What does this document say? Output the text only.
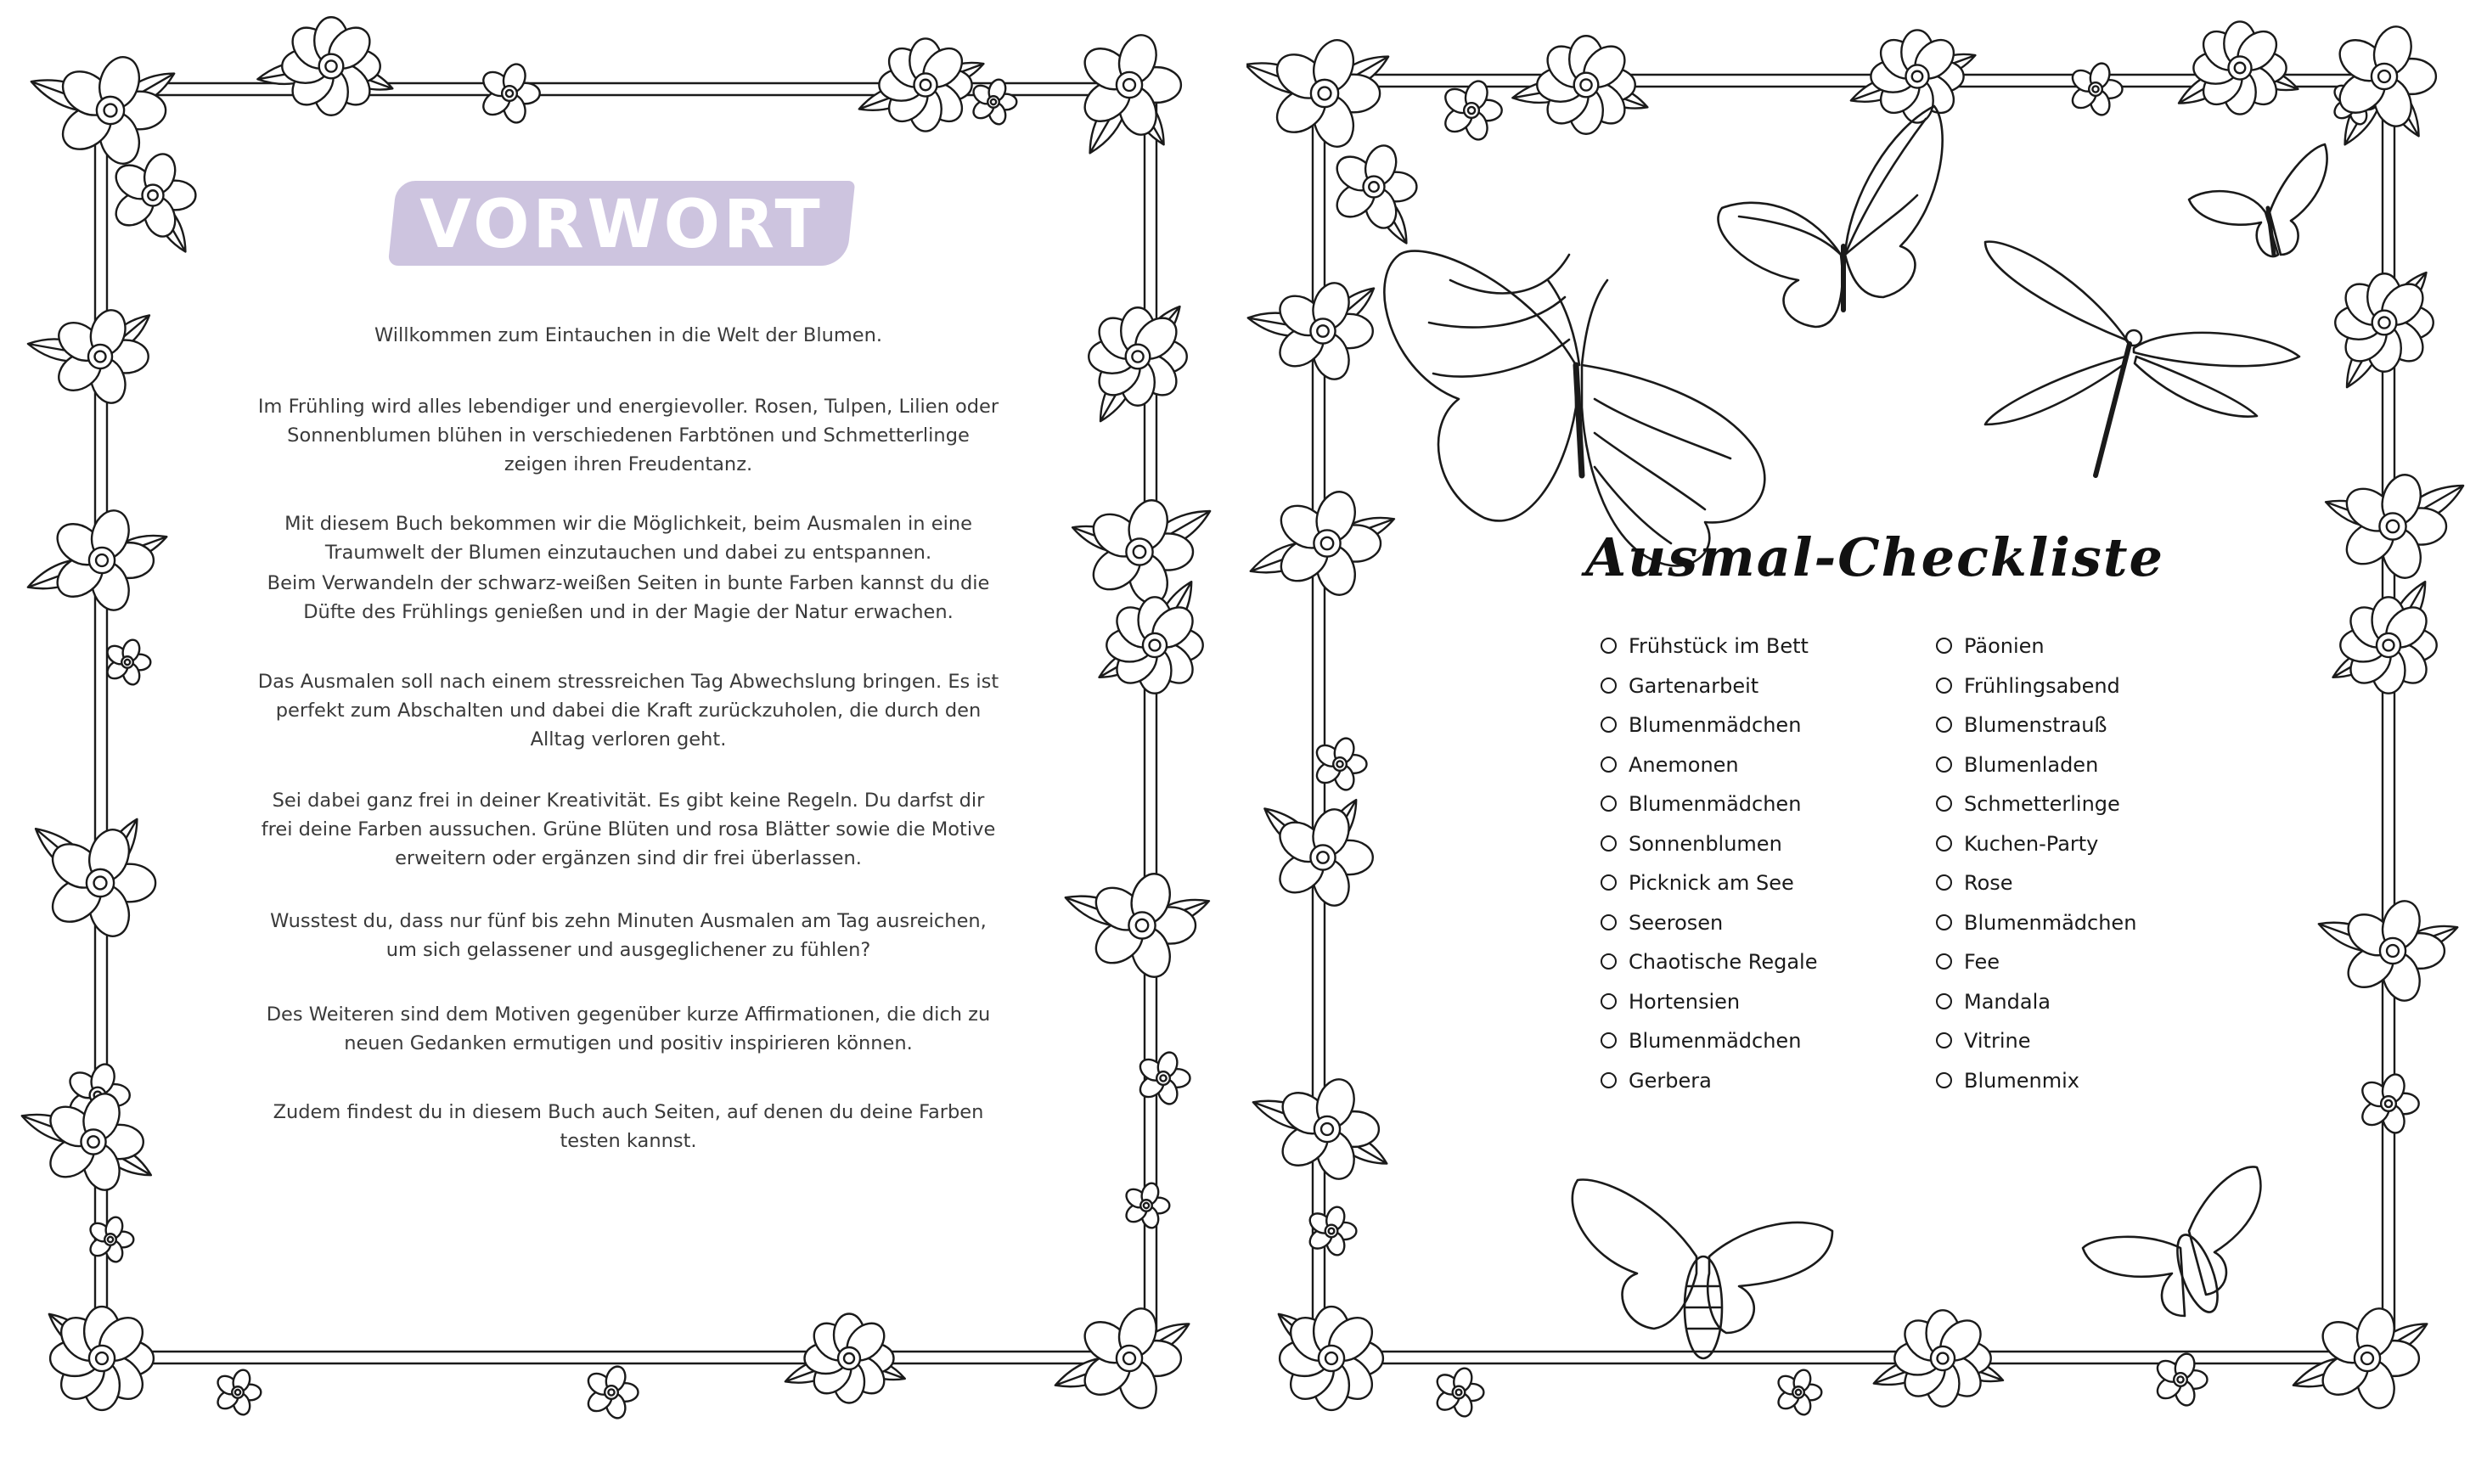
VORWORT

Willkommen zum Eintauchen in die Welt der Blumen.

Im Frühling wird alles lebendiger und energievoller. Rosen, Tulpen, Lilien oder Sonnenblumen blühen in verschiedenen Farbtönen und Schmetterlinge zeigen ihren Freudentanz.

Mit diesem Buch bekommen wir die Möglichkeit, beim Ausmalen in eine Traumwelt der Blumen einzutauchen und dabei zu entspannen.

Beim Verwandeln der schwarz-weißen Seiten in bunte Farben kannst du die Düfte des Frühlings genießen und in der Magie der Natur erwachen.

Das Ausmalen soll nach einem stressreichen Tag Abwechslung bringen. Es ist perfekt zum Abschalten und dabei die Kraft zurückzuholen, die durch den Alltag verloren geht.

Sei dabei ganz frei in deiner Kreativität. Es gibt keine Regeln. Du darfst dir frei deine Farben aussuchen. Grüne Blüten und rosa Blätter sowie die Motive erweitern oder ergänzen sind dir frei überlassen.

Wusstest du, dass nur fünf bis zehn Minuten Ausmalen am Tag ausreichen, um sich gelassener und ausgeglichener zu fühlen?

Des Weiteren sind dem Motiven gegenüber kurze Affirmationen, die dich zu neuen Gedanken ermutigen und positiv inspirieren können.

Zudem findest du in diesem Buch auch Seiten, auf denen du deine Farben testen kannst.

Ausmal-Checkliste
Frühstück im Bett
Gartenarbeit
Blumenmädchen
Anemonen
Blumenmädchen
Sonnenblumen
Picknick am See
Seerosen
Chaotische Regale
Hortensien
Blumenmädchen
Gerbera
Päonien
Frühlingsabend
Blumenstrauß
Blumenladen
Schmetterlinge
Kuchen-Party
Rose
Blumenmädchen
Fee
Mandala
Vitrine
Blumenmix
